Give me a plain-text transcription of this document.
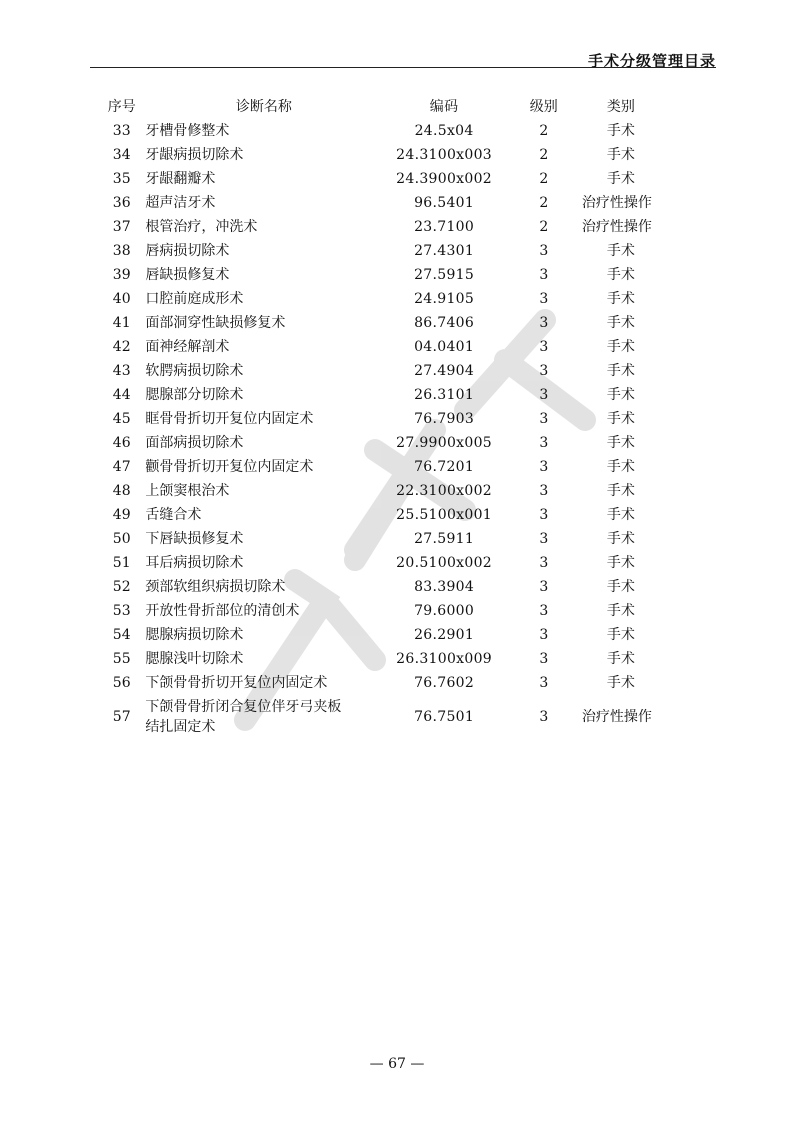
手术分级管理目录
序号	诊断名称	编码	级别	类别
33	牙槽骨修整术	24.5x04	2	手术
34	牙龈病损切除术	24.3100x003	2	手术
35	牙龈翻瓣术	24.3900x002	2	手术
36	超声洁牙术	96.5401	2	治疗性操作
37	根管治疗，冲洗术	23.7100	2	治疗性操作
38	唇病损切除术	27.4301	3	手术
39	唇缺损修复术	27.5915	3	手术
40	口腔前庭成形术	24.9105	3	手术
41	面部洞穿性缺损修复术	86.7406	3	手术
42	面神经解剖术	04.0401	3	手术
43	软腭病损切除术	27.4904	3	手术
44	腮腺部分切除术	26.3101	3	手术
45	眶骨骨折切开复位内固定术	76.7903	3	手术
46	面部病损切除术	27.9900x005	3	手术
47	颧骨骨折切开复位内固定术	76.7201	3	手术
48	上颌窦根治术	22.3100x002	3	手术
49	舌缝合术	25.5100x001	3	手术
50	下唇缺损修复术	27.5911	3	手术
51	耳后病损切除术	20.5100x002	3	手术
52	颈部软组织病损切除术	83.3904	3	手术
53	开放性骨折部位的清创术	79.6000	3	手术
54	腮腺病损切除术	26.2901	3	手术
55	腮腺浅叶切除术	26.3100x009	3	手术
56	下颌骨骨折切开复位内固定术	76.7602	3	手术
57	下颌骨骨折闭合复位伴牙弓夹板
结扎固定术	76.7501	3	治疗性操作
— 67 —
